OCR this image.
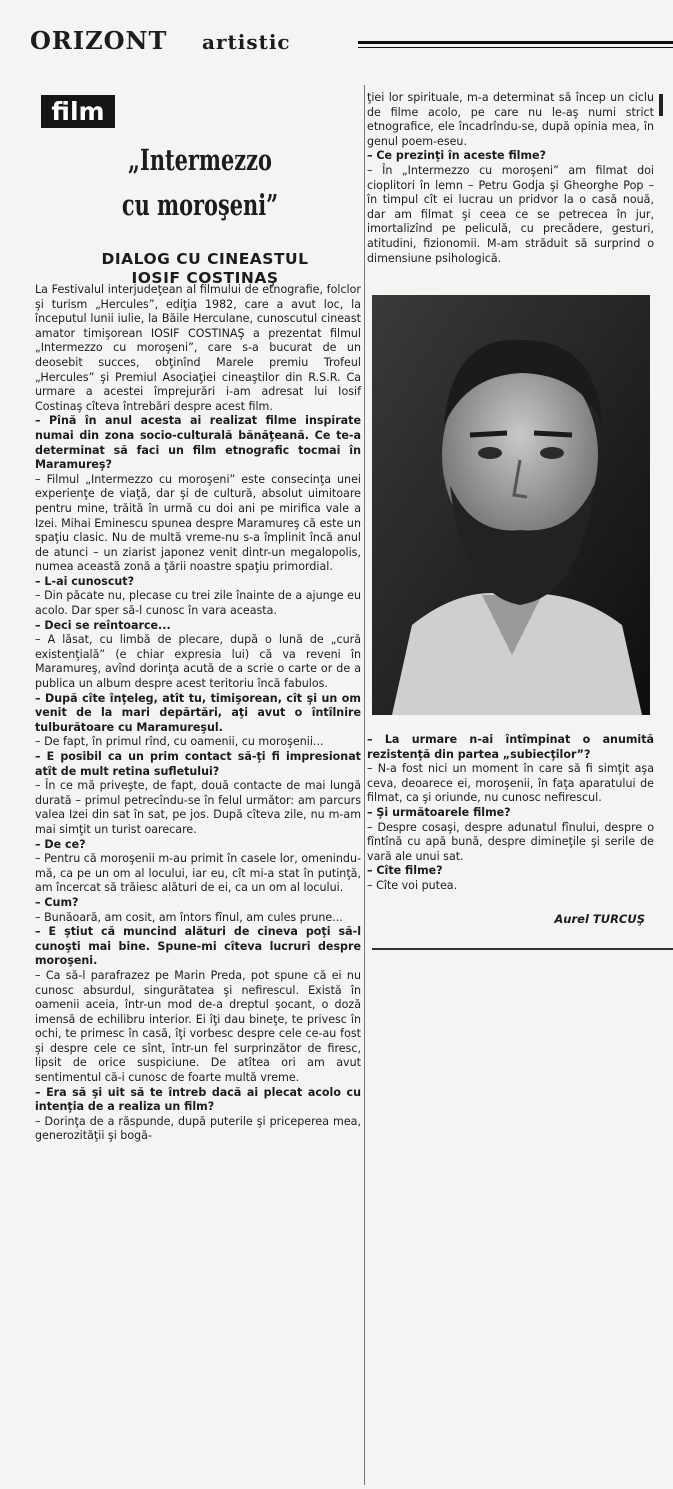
ORIZONT artistic
film
„Intermezzo
cu moroşeni”
DIALOG CU CINEASTUL
IOSIF COSTINAŞ

La Festivalul interjudeţean al filmului de etnografie, folclor şi turism „Hercules”, ediţia 1982, care a avut loc, la începutul lunii iulie, la Băile Herculane, cunoscutul cineast amator timişorean IOSIF COSTINAŞ a prezentat filmul „Intermezzo cu moroşeni”, care s-a bucurat de un deosebit succes, obţinînd Marele premiu Trofeul „Hercules” şi Premiul Asociaţiei cineaştilor din R.S.R. Ca urmare a acestei împrejurări i-am adresat lui Iosif Costinaş cîteva întrebări despre acest film.

– Pînă în anul acesta ai realizat filme inspirate numai din zona socio-culturală bănăţeană. Ce te-a determinat să faci un film etnografic tocmai în Maramureş?

– Filmul „Intermezzo cu moroşeni” este consecinţa unei experienţe de viaţă, dar şi de cultură, absolut uimitoare pentru mine, trăită în urmă cu doi ani pe mirifica vale a Izei. Mihai Eminescu spunea despre Maramureş că este un spaţiu clasic. Nu de multă vreme-nu s-a împlinit încă anul de atunci – un ziarist japonez venit dintr-un megalopolis, numea această zonă a ţării noastre spaţiu primordial.

– L-ai cunoscut?

– Din păcate nu, plecase cu trei zile înainte de a ajunge eu acolo. Dar sper să-l cunosc în vara aceasta.

– Deci se reîntoarce...

– A lăsat, cu limbă de plecare, după o lună de „cură existenţială” (e chiar expresia lui) că va reveni în Maramureş, avînd dorinţa acută de a scrie o carte or de a publica un album despre acest teritoriu încă fabulos.

– După cîte înţeleg, atît tu, timişorean, cît şi un om venit de la mari depărtări, aţi avut o întîlnire tulburătoare cu Maramureşul.

– De fapt, în primul rînd, cu oamenii, cu moroşenii...

– E posibil ca un prim contact să-ţi fi impresionat atît de mult retina sufletului?

– În ce mă priveşte, de fapt, două contacte de mai lungă durată – primul petrecîndu-se în felul următor: am parcurs valea Izei din sat în sat, pe jos. După cîteva zile, nu m-am mai simţit un turist oarecare.

– De ce?

– Pentru că moroşenii m-au primit în casele lor, omenindu-mă, ca pe un om al locului, iar eu, cît mi-a stat în putinţă, am încercat să trăiesc alături de ei, ca un om al locului.

– Cum?

– Bunăoară, am cosit, am întors fînul, am cules prune...

– E ştiut că muncind alături de cineva poţi să-l cunoşti mai bine. Spune-mi cîteva lucruri despre moroşeni.

– Ca să-l parafrazez pe Marin Preda, pot spune că ei nu cunosc absurdul, singurătatea şi nefirescul. Există în oamenii aceia, într-un mod de-a dreptul şocant, o doză imensă de echilibru interior. Ei îţi dau bineţe, te privesc în ochi, te primesc în casă, îţi vorbesc despre cele ce-au fost şi despre cele ce sînt, într-un fel surprinzător de firesc, lipsit de orice suspiciune. De atîtea ori am avut sentimentul că-i cunosc de foarte multă vreme.

– Era să şi uit să te întreb dacă ai plecat acolo cu intenţia de a realiza un film?

– Dorinţa de a răspunde, după puterile şi priceperea mea, generozităţii şi bogă-

ţiei lor spirituale, m-a determinat să încep un ciclu de filme acolo, pe care nu le-aş numi strict etnografice, ele încadrîndu-se, după opinia mea, în genul poem-eseu.

– Ce prezinţi în aceste filme?

– În „Intermezzo cu moroşeni” am filmat doi cioplitori în lemn – Petru Godja şi Gheorghe Pop – în timpul cît ei lucrau un pridvor la o casă nouă, dar am filmat şi ceea ce se petrecea în jur, imortalizînd pe peliculă, cu precădere, gesturi, atitudini, fizionomii. M-am străduit să surprind o dimensiune psihologică.

– La urmare n-ai întîmpinat o anumită rezistenţă din partea „subiecţilor”?

– N-a fost nici un moment în care să fi simţit aşa ceva, deoarece ei, moroşenii, în faţa aparatului de filmat, ca şi oriunde, nu cunosc nefirescul.

– Şi următoarele filme?

– Despre cosaşi, despre adunatul fînului, despre o fîntînă cu apă bună, despre dimineţile şi serile de vară ale unui sat.

– Cîte filme?

– Cîte voi putea.

Aurel TURCUŞ
